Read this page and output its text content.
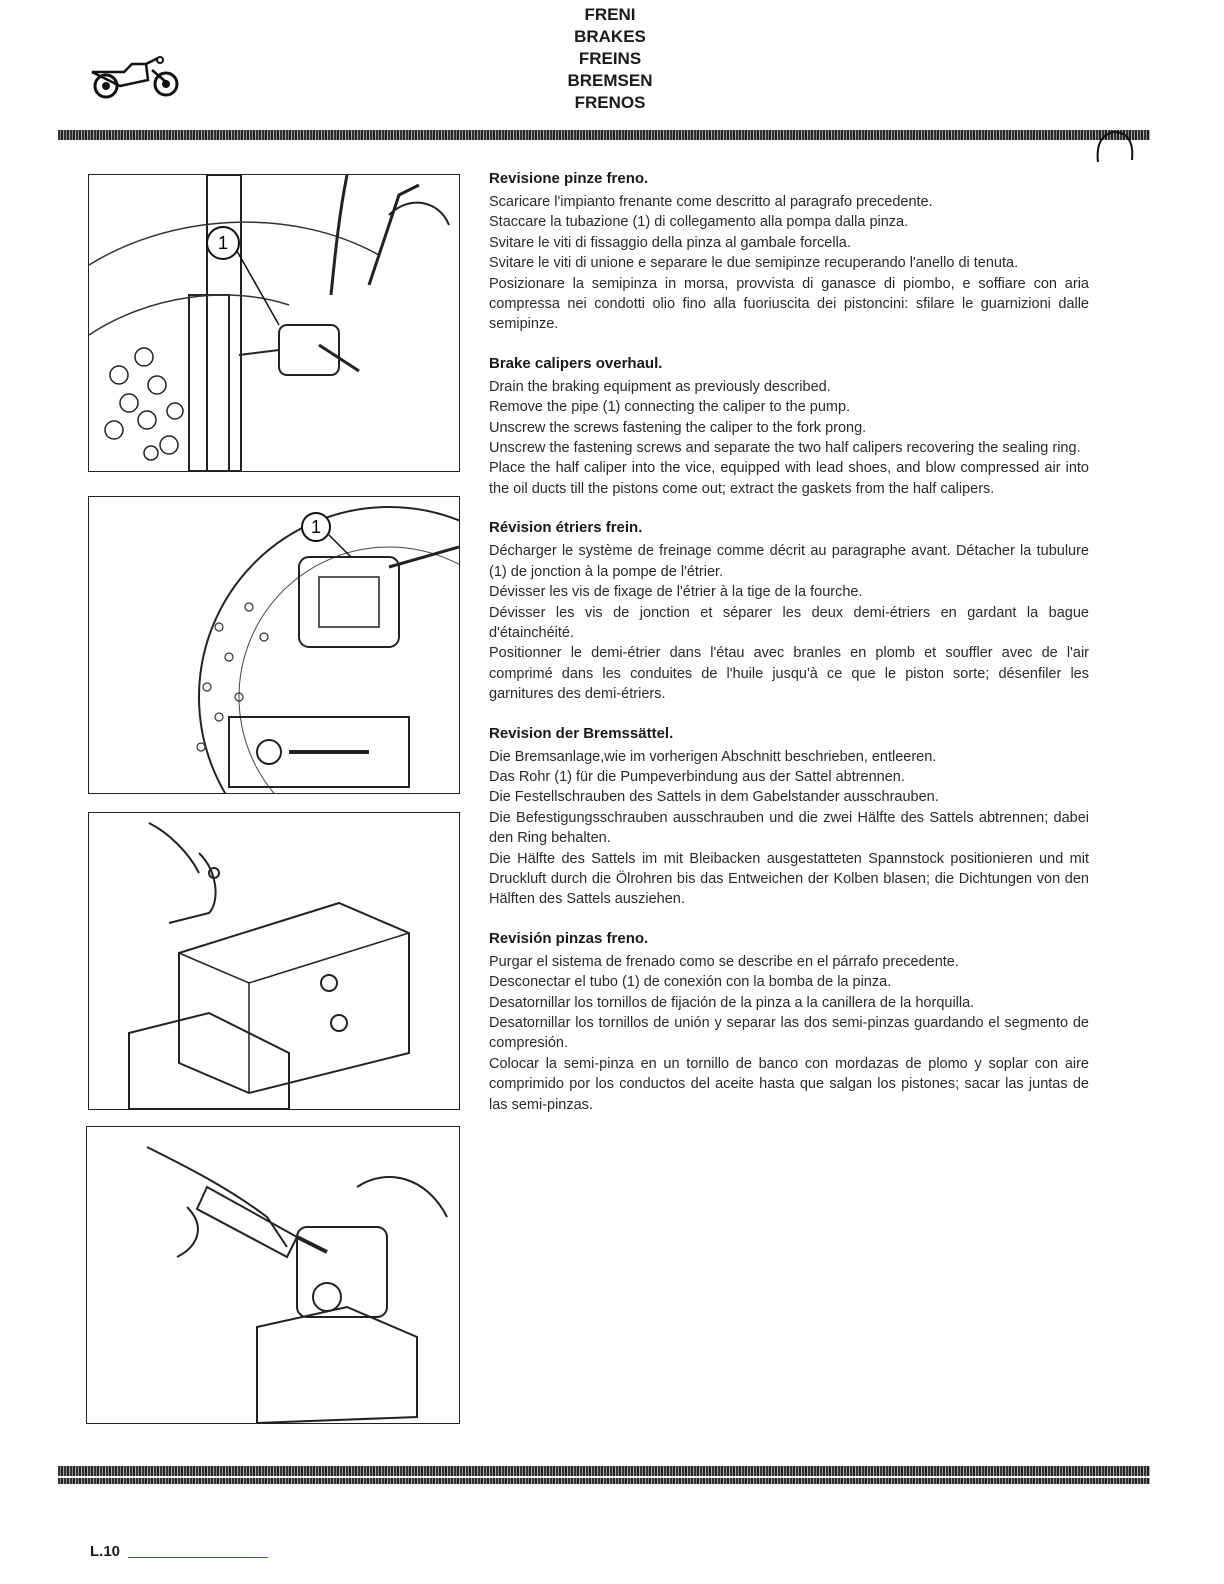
FRENI
BRAKES
FREINS
BREMSEN
FRENOS
1
1
Revisione pinze freno.

Scaricare l'impianto frenante come descritto al paragrafo precedente.

Staccare la tubazione (1) di collegamento alla pompa dalla pinza.

Svitare le viti di fissaggio della pinza al gambale forcella.

Svitare le viti di unione e separare le due semipinze recuperando l'anello di tenuta.

Posizionare la semipinza in morsa, provvista di ganasce di piombo, e soffiare con aria compressa nei condotti olio fino alla fuoriuscita dei pistoncini: sfilare le guarnizioni dalle semipinze.

Brake calipers overhaul.

Drain the braking equipment as previously described.

Remove the pipe (1) connecting the caliper to the pump.

Unscrew the screws fastening the caliper to the fork prong.

Unscrew the fastening screws and separate the two half calipers recovering the sealing ring.

Place the half caliper into the vice, equipped with lead shoes, and blow compressed air into the oil ducts till the pistons come out; extract the gaskets from the half calipers.

Révision étriers frein.

Décharger le système de freinage comme décrit au paragraphe avant. Détacher la tubulure (1) de jonction à la pompe de l'étrier.

Dévisser les vis de fixage de l'étrier à la tige de la fourche.

Dévisser les vis de jonction et séparer les deux demi-étriers en gardant la bague d'étainchéité.

Positionner le demi-étrier dans l'étau avec branles en plomb et souffler avec de l'air comprimé dans les conduites de l'huile jusqu'à ce que le piston sorte; désenfiler les garnitures des demi-étriers.

Revision der Bremssättel.

Die Bremsanlage,wie im vorherigen Abschnitt beschrieben, entleeren.

Das Rohr (1) für die Pumpeverbindung aus der Sattel abtrennen.

Die Festellschrauben des Sattels in dem Gabelstander ausschrauben.

Die Befestigungsschrauben ausschrauben und die zwei Hälfte des Sattels abtrennen; dabei den Ring behalten.

Die Hälfte des Sattels im mit Bleibacken ausgestatteten Spannstock positionieren und mit Druckluft durch die Ölrohren bis das Entweichen der Kolben blasen; die Dichtungen von den Hälften des Sattels ausziehen.

Revisión pinzas freno.

Purgar el sistema de frenado como se describe en el párrafo precedente.

Desconectar el tubo (1) de conexión con la bomba de la pinza.

Desatornillar los tornillos de fijación de la pinza a la canillera de la horquilla.

Desatornillar los tornillos de unión y separar las dos semi-pinzas guardando el segmento de compresión.

Colocar la semi-pinza en un tornillo de banco con mordazas de plomo y soplar con aire comprimido por los conductos del aceite hasta que salgan los pistones; sacar las juntas de las semi-pinzas.

L.10
